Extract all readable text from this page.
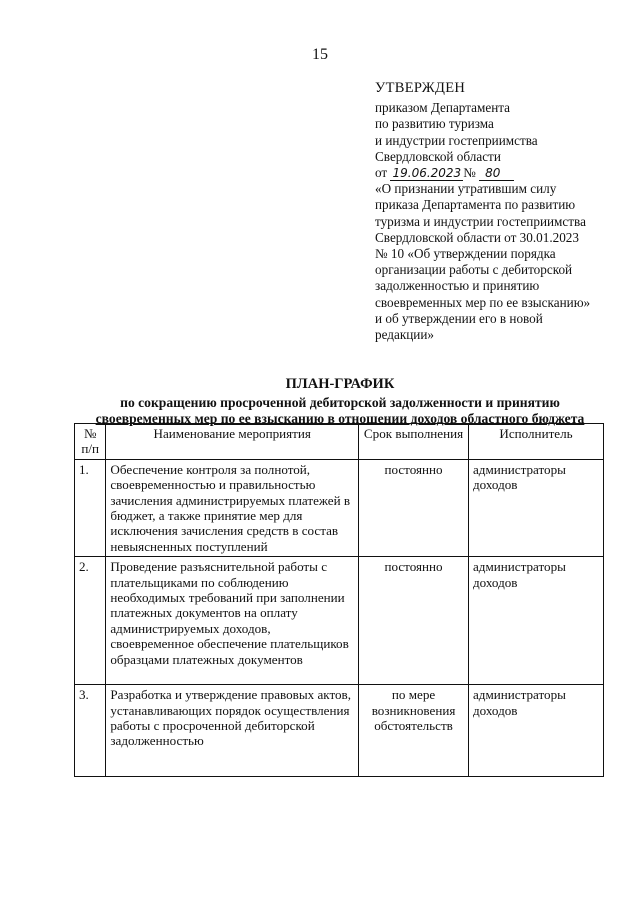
15
УТВЕРЖДЕН
приказом Департамента
по развитию туризма
и индустрии гостеприимства
Свердловской области
от 19.06.2023 № 80
«О признании утратившим силу
приказа Департамента по развитию
туризма и индустрии гостеприимства
Свердловской области от 30.01.2023
№ 10 «Об утверждении порядка
организации работы с дебиторской
задолженностью и принятию
своевременных мер по ее взысканию»
и об утверждении его в новой
редакции»
ПЛАН-ГРАФИК
по сокращению просроченной дебиторской задолженности и принятию
своевременных мер по ее взысканию в отношении доходов областного бюджета
№
п/п	Наименование мероприятия	Срок выполнения	Исполнитель
1.	Обеспечение контроля за полнотой, своевременностью и правильностью зачисления администрируемых платежей в бюджет, а также принятие мер для исключения зачисления средств в состав невыясненных поступлений	постоянно	администраторы доходов
2.	Проведение разъяснительной работы с плательщиками по соблюдению необходимых требований при заполнении платежных документов на оплату администрируемых доходов, своевременное обеспечение плательщиков образцами платежных документов	постоянно	администраторы доходов
3.	Разработка и утверждение правовых актов, устанавливающих порядок осуществления работы с просроченной дебиторской задолженностью	по мере возникновения обстоятельств	администраторы доходов
